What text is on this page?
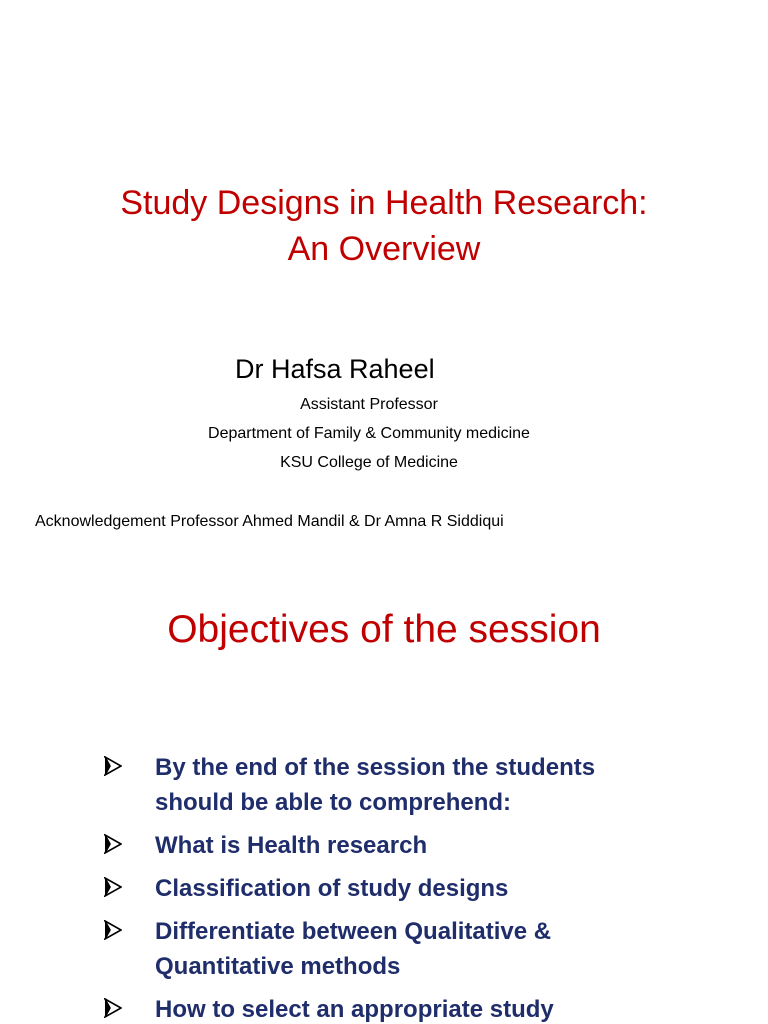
Study Designs in Health Research:
An Overview
Dr Hafsa Raheel
Assistant Professor
Department of Family & Community medicine
KSU College of Medicine
Acknowledgement Professor Ahmed Mandil & Dr Amna R Siddiqui
Objectives of the session
By the end of the session the students should be able to comprehend:
What is Health research
Classification of study designs
Differentiate between Qualitative & Quantitative methods
How to select an appropriate study
